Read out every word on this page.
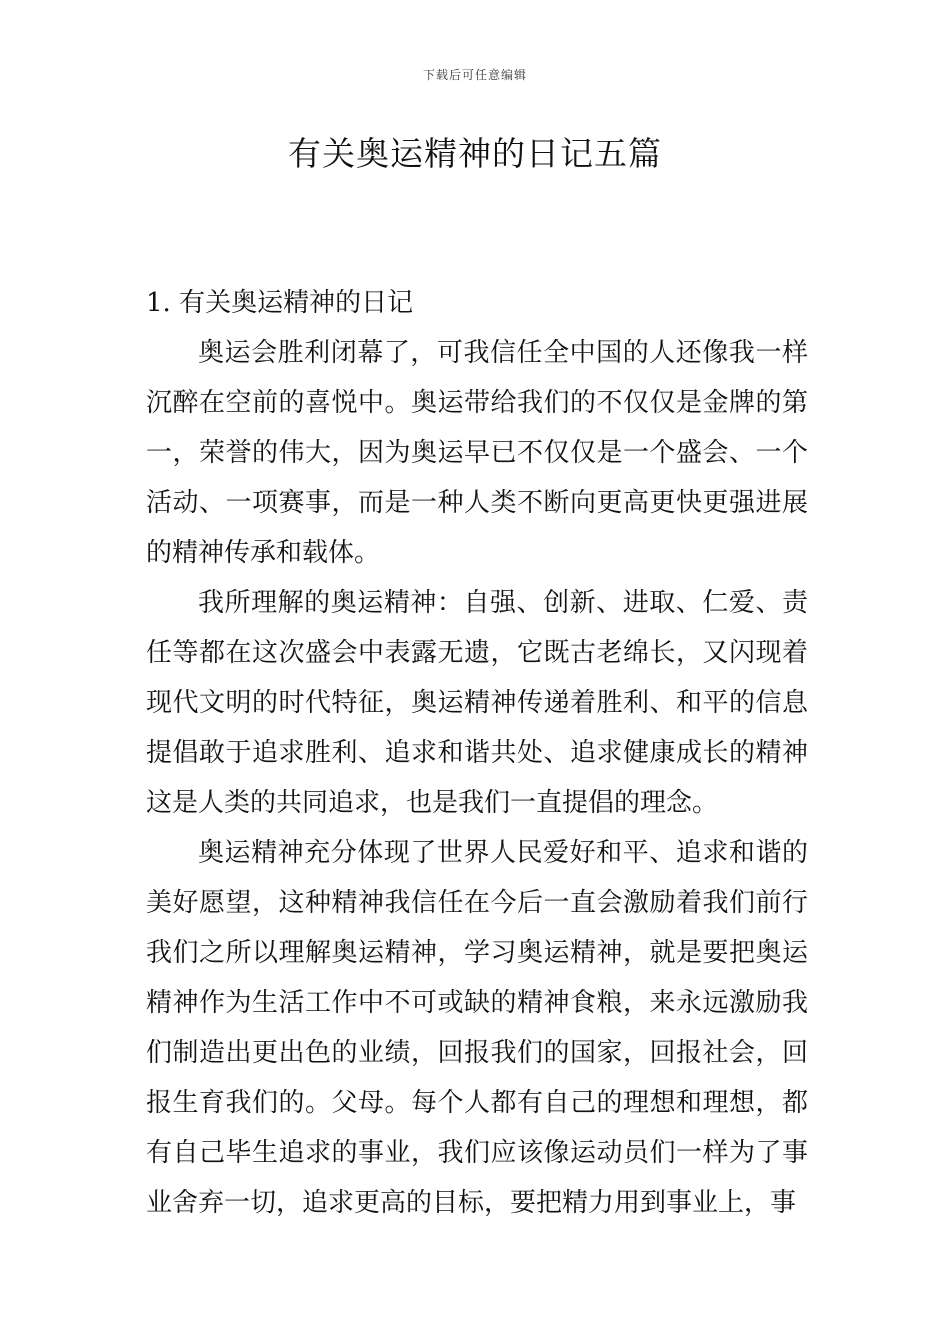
下载后可任意编辑
有关奥运精神的日记五篇

1. 有关奥运精神的日记

奥运会胜利闭幕了，可我信任全中国的人还像我一样沉醉在空前的喜悦中。奥运带给我们的不仅仅是金牌的第一，荣誉的伟大，因为奥运早已不仅仅是一个盛会、一个活动、一项赛事，而是一种人类不断向更高更快更强进展的精神传承和载体。

我所理解的奥运精神：自强、创新、进取、仁爱、责任等都在这次盛会中表露无遗，它既古老绵长，又闪现着现代文明的时代特征，奥运精神传递着胜利、和平的信息提倡敢于追求胜利、追求和谐共处、追求健康成长的精神这是人类的共同追求，也是我们一直提倡的理念。

奥运精神充分体现了世界人民爱好和平、追求和谐的美好愿望，这种精神我信任在今后一直会激励着我们前行我们之所以理解奥运精神，学习奥运精神，就是要把奥运精神作为生活工作中不可或缺的精神食粮，来永远激励我们制造出更出色的业绩，回报我们的国家，回报社会，回报生育我们的。父母。每个人都有自己的理想和理想，都有自己毕生追求的事业，我们应该像运动员们一样为了事业舍弃一切，追求更高的目标，要把精力用到事业上，事
